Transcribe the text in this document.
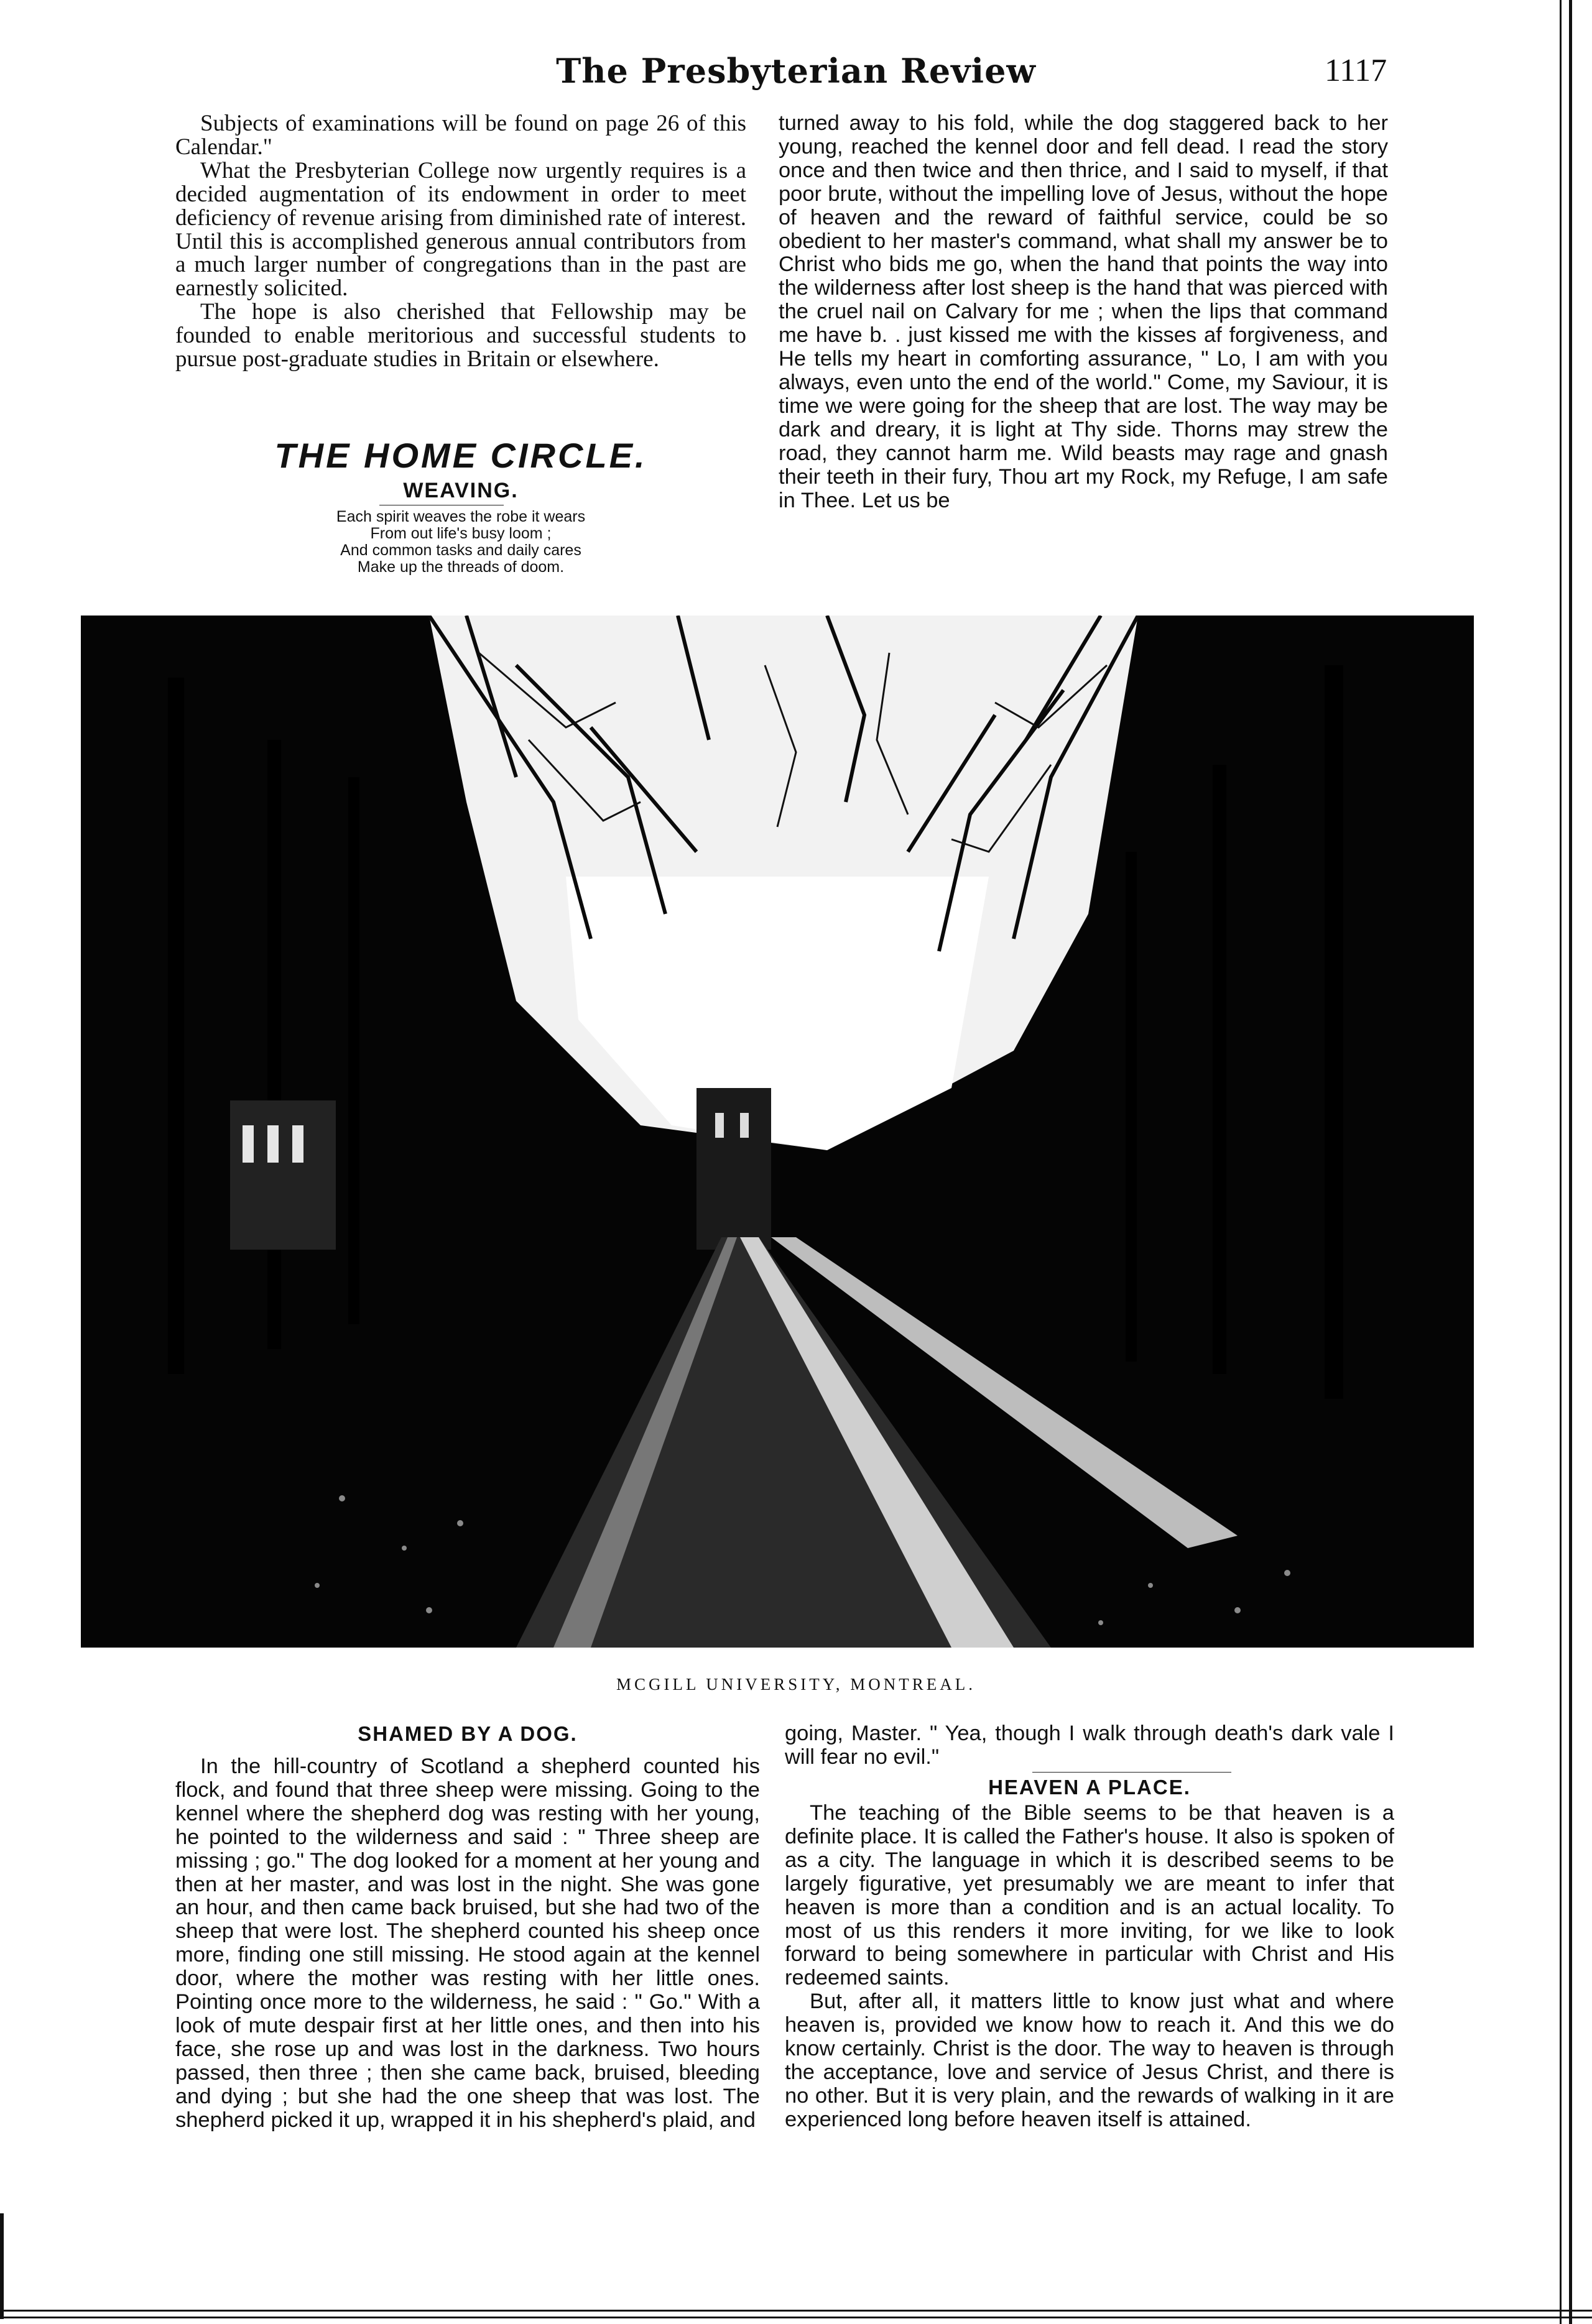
The Presbyterian Review	1117

Subjects of examinations will be found on page 26 of this Calendar."

What the Presbyterian College now urgently requires is a decided augmentation of its endowment in order to meet deficiency of revenue arising from diminished rate of interest. Until this is accomplished generous annual contributors from a much larger number of congregations than in the past are earnestly solicited.

The hope is also cherished that Fellowship may be founded to enable meritorious and successful students to pursue post-graduate studies in Britain or elsewhere.

THE HOME CIRCLE.
WEAVING.
Each spirit weaves the robe it wears
From out life's busy loom ;
And common tasks and daily cares
Make up the threads of doom.

turned away to his fold, while the dog staggered back to her young, reached the kennel door and fell dead. I read the story once and then twice and then thrice, and I said to myself, if that poor brute, without the impelling love of Jesus, without the hope of heaven and the reward of faithful service, could be so obedient to her master's command, what shall my answer be to Christ who bids me go, when the hand that points the way into the wilderness after lost sheep is the hand that was pierced with the cruel nail on Calvary for me ; when the lips that command me have b. . just kissed me with the kisses af forgiveness, and He tells my heart in comforting assurance, " Lo, I am with you always, even unto the end of the world." Come, my Saviour, it is time we were going for the sheep that are lost. The way may be dark and dreary, it is light at Thy side. Thorns may strew the road, they cannot harm me. Wild beasts may rage and gnash their teeth in their fury, Thou art my Rock, my Refuge, I am safe in Thee. Let us be

MCGILL UNIVERSITY, MONTREAL.
SHAMED BY A DOG.

In the hill-country of Scotland a shepherd counted his flock, and found that three sheep were missing. Going to the kennel where the shepherd dog was resting with her young, he pointed to the wilderness and said : " Three sheep are missing ; go." The dog looked for a moment at her young and then at her master, and was lost in the night. She was gone an hour, and then came back bruised, but she had two of the sheep that were lost. The shepherd counted his sheep once more, finding one still missing. He stood again at the kennel door, where the mother was resting with her little ones. Pointing once more to the wilderness, he said : " Go." With a look of mute despair first at her little ones, and then into his face, she rose up and was lost in the darkness. Two hours passed, then three ; then she came back, bruised, bleeding and dying ; but she had the one sheep that was lost. The shepherd picked it up, wrapped it in his shepherd's plaid, and

going, Master. " Yea, though I walk through death's dark vale I will fear no evil."

HEAVEN A PLACE.

The teaching of the Bible seems to be that heaven is a definite place. It is called the Father's house. It also is spoken of as a city. The language in which it is described seems to be largely figurative, yet presumably we are meant to infer that heaven is more than a condition and is an actual locality. To most of us this renders it more inviting, for we like to look forward to being somewhere in particular with Christ and His redeemed saints.

But, after all, it matters little to know just what and where heaven is, provided we know how to reach it. And this we do know certainly. Christ is the door. The way to heaven is through the acceptance, love and service of Jesus Christ, and there is no other. But it is very plain, and the rewards of walking in it are experienced long before heaven itself is attained.
